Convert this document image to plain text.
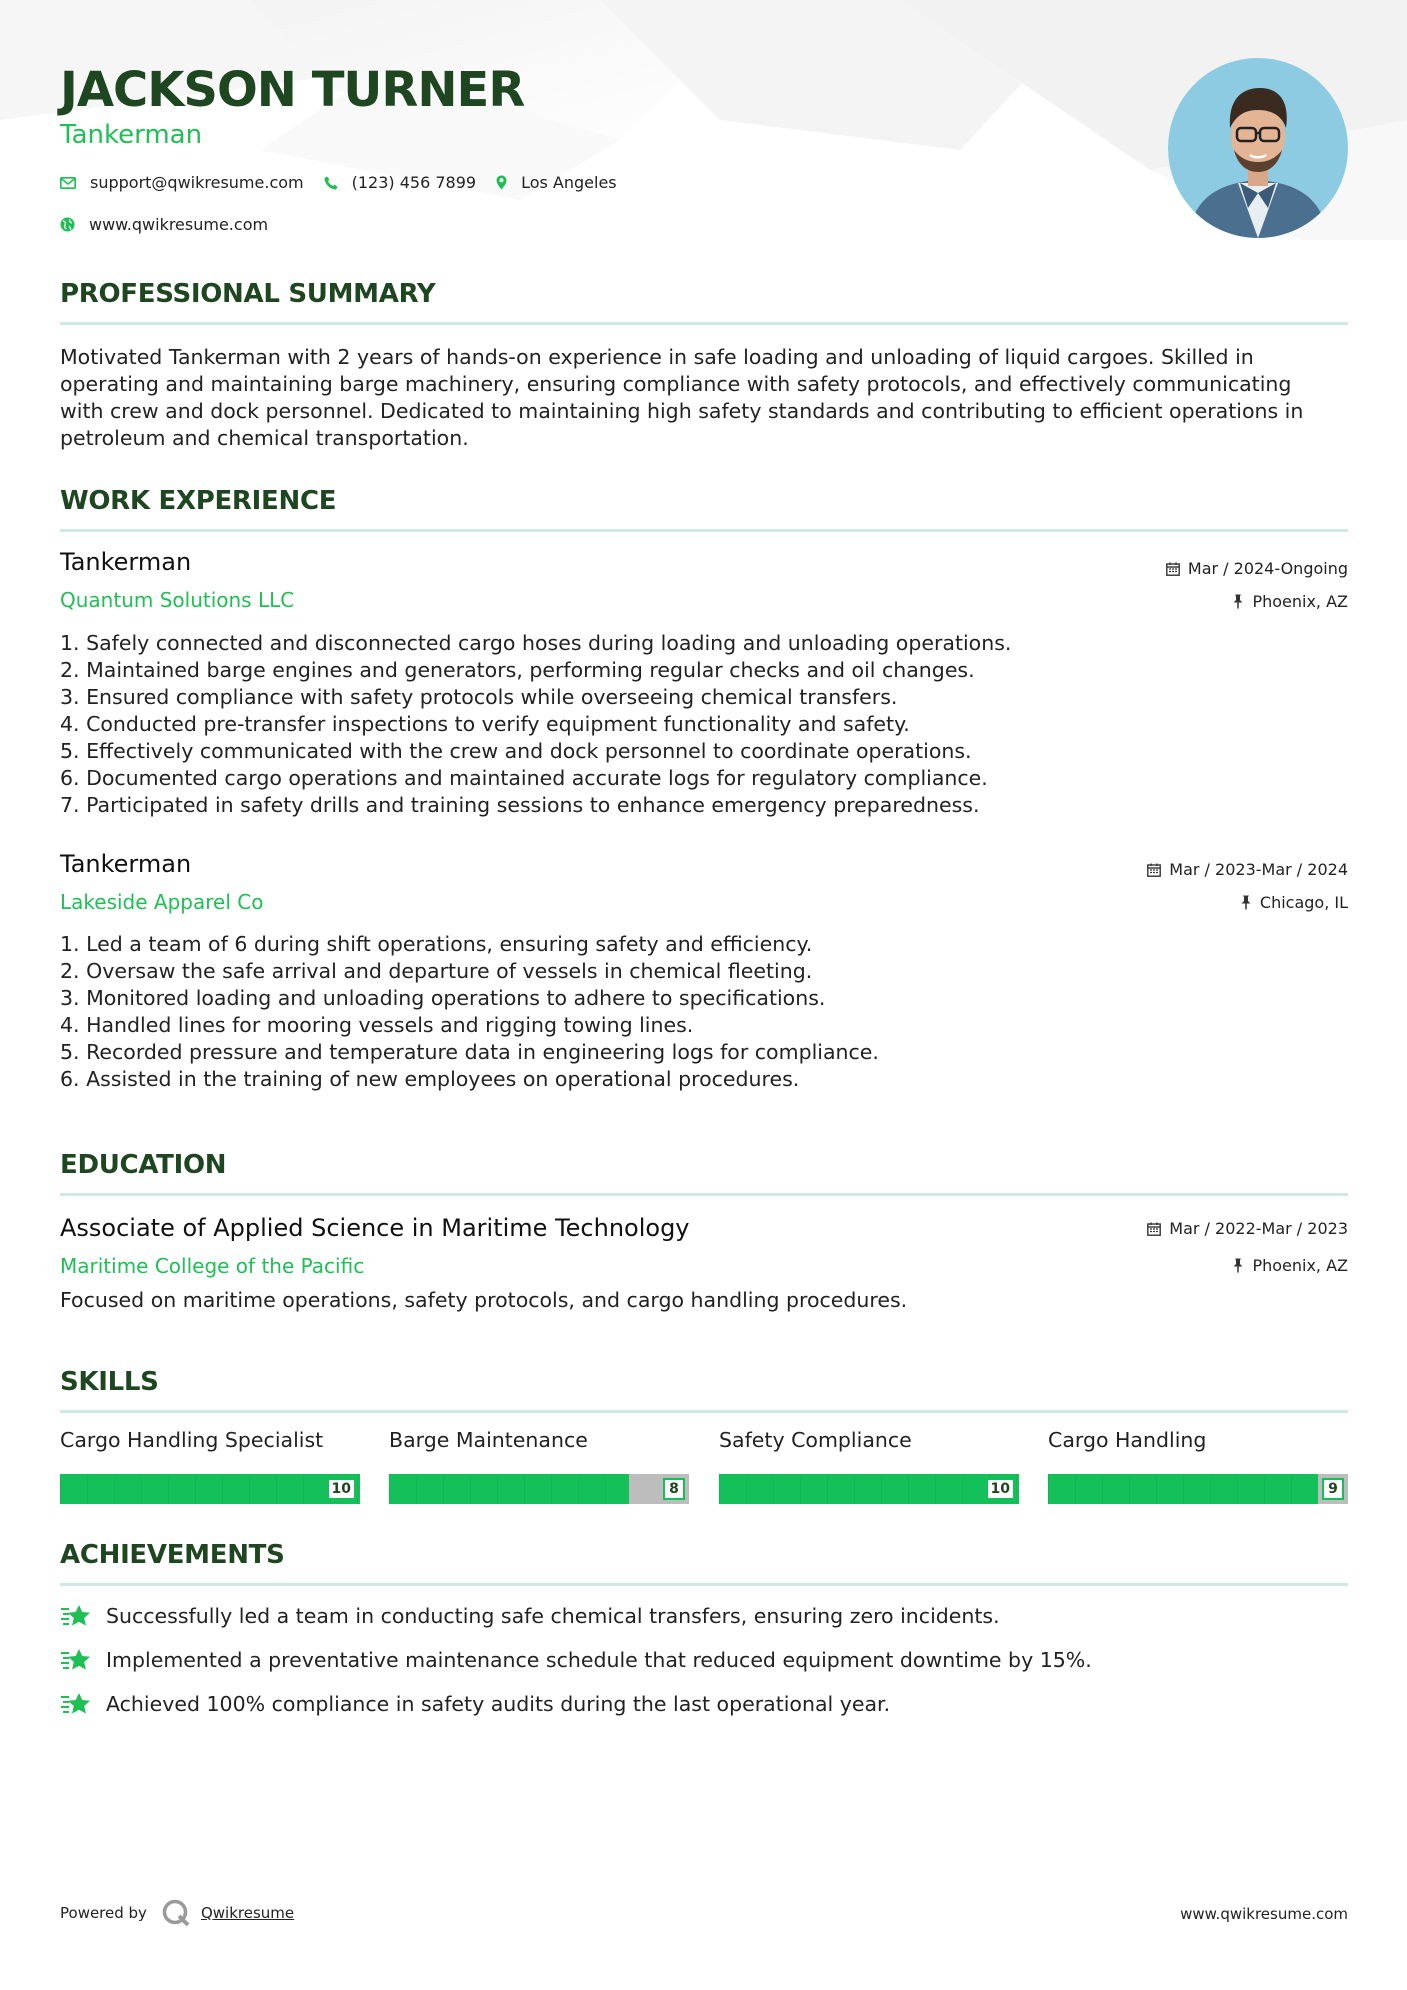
JACKSON TURNER
Tankerman
support@qwikresume.com	(123) 456 7899	Los Angeles
www.qwikresume.com
PROFESSIONAL SUMMARY
Motivated Tankerman with 2 years of hands-on experience in safe loading and unloading of liquid cargoes. Skilled in
operating and maintaining barge machinery, ensuring compliance with safety protocols, and effectively communicating
with crew and dock personnel. Dedicated to maintaining high safety standards and contributing to efficient operations in
petroleum and chemical transportation.
WORK EXPERIENCE
Tankerman
Quantum Solutions LLC
Mar / 2024-Ongoing
Phoenix, AZ
1. Safely connected and disconnected cargo hoses during loading and unloading operations.
2. Maintained barge engines and generators, performing regular checks and oil changes.
3. Ensured compliance with safety protocols while overseeing chemical transfers.
4. Conducted pre-transfer inspections to verify equipment functionality and safety.
5. Effectively communicated with the crew and dock personnel to coordinate operations.
6. Documented cargo operations and maintained accurate logs for regulatory compliance.
7. Participated in safety drills and training sessions to enhance emergency preparedness.
Tankerman
Lakeside Apparel Co
Mar / 2023-Mar / 2024
Chicago, IL
1. Led a team of 6 during shift operations, ensuring safety and efficiency.
2. Oversaw the safe arrival and departure of vessels in chemical fleeting.
3. Monitored loading and unloading operations to adhere to specifications.
4. Handled lines for mooring vessels and rigging towing lines.
5. Recorded pressure and temperature data in engineering logs for compliance.
6. Assisted in the training of new employees on operational procedures.
EDUCATION
Associate of Applied Science in Maritime Technology
Maritime College of the Pacific
Mar / 2022-Mar / 2023
Phoenix, AZ
Focused on maritime operations, safety protocols, and cargo handling procedures.
SKILLS
Cargo Handling Specialist
10
Barge Maintenance
8
Safety Compliance
10
Cargo Handling
9
ACHIEVEMENTS
Successfully led a team in conducting safe chemical transfers, ensuring zero incidents.
Implemented a preventative maintenance schedule that reduced equipment downtime by 15%.
Achieved 100% compliance in safety audits during the last operational year.
Powered by	Qwikresume	www.qwikresume.com
